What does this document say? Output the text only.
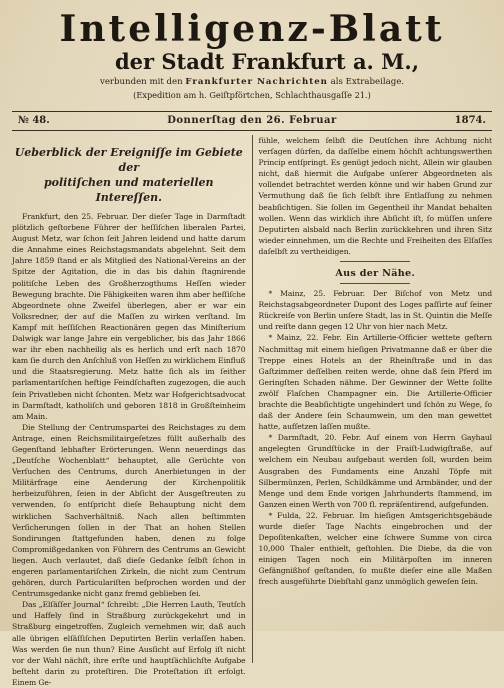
Intelligenz-Blatt
der Stadt Frankfurt a. M.,
verbunden mit den Frankfurter Nachrichten als Extrabeilage.
(Expedition am h. Geiſtpförtchen, Schlachthausgaſſe 21.)
№ 48.	Donnerſtag den 26. Februar	1874.
Ueberblick der Ereigniſſe im Gebiete der
politiſchen und materiellen Intereſſen.

Frankfurt, den 25. Februar. Der dieſer Tage in Darmſtadt plötzlich geſtorbene Führer der heſſiſchen liberalen Partei, August Metz, war ſchon ſeit Jahren leidend und hatte darum die Annahme eines Reichstagsmandats abgelehnt. Seit dem Jahre 1859 ſtand er als Mitglied des National-Vereins an der Spitze der Agitation, die in das bis dahin ſtagnirende politiſche Leben des Großherzogthums Heſſen wieder Bewegung brachte. Die Fähigkeiten waren ihm aber heſſiſche Abgeordnete ohne Zweifel überlegen, aber er war ein Volksredner, der auf die Maſſen zu wirken verſtand. Im Kampf mit heſſiſchen Reactionären gegen das Miniſterium Dalwigk war lange Jahre ein vergeblicher, bis das Jahr 1866 war ihr eben nachheilig als es herlich und erſt nach 1870 kam ſie durch den Anſchluß von Heſſen zu wirklichem Einfluß und die Staatsregierung. Metz hatte ſich als im ſeither parlamentariſchen heftige Feindſchaften zugezogen, die auch ſein Privatleben nicht ſchonten. Metz war Hofgerichtsadvocat in Darmſtadt, katholiſch und geboren 1818 in Großſteinheim am Main.

Die Stellung der Centrumspartei des Reichstages zu dem Antrage, einen Reichsmilitairgeſetzes füllt außerhalb des Gegenſtand lebhafter Erörterungen. Wenn neuerdings das „Deutſche Wochenblatt“ behauptet, alle Gerüchte von Verſuchen des Centrums, durch Anerbietungen in der Militärfrage eine Aenderung der Kirchenpolitik herbeizuführen, ſeien in der Abſicht der Ausgeſtreuten zu verwenden, ſo entſpricht dieſe Behauptung nicht dem wirklichen Sachverhältniß. Nach allen beſtimmten Verſicherungen ſollen in der That an hohen Stellen Sondirungen ſtattgefunden haben, denen zu folge Compromißgedanken von Führern des Centrums an Gewicht liegen. Auch verlautet, daß dieſe Gedanke ſelbſt ſchon in engeren parlamentariſchen Zirkeln, die nicht zum Centrum gehören, durch Particulariſten beſprochen worden und der Centrumsgedanke nicht ganz fremd geblieben ſei.

Das „Elſäſſer Journal“ ſchreibt: „Die Herren Lauth, Teutſch und Haffely ſind in Straßburg zurückgekehrt und in Straßburg eingetroffen. Zugleich vernehmen wir, daß auch alle übrigen elſäſſiſchen Deputirten Berlin verlaſſen haben. Was werden ſie nun thun? Eine Ausſicht auf Erfolg iſt nicht vor der Wahl nächſt, ihre erſte und hauptſächlichſte Aufgabe beſteht darin zu proteſtiren. Die Proteſtation iſt erfolgt. Einem Ge-

fühle, welchem ſelbſt die Deutſchen ihre Achtung nicht verſagen dürfen, da daſſelbe einem höchſt achtungswerthen Princip entſpringt. Es genügt jedoch nicht, Allein wir glauben nicht, daß hiermit die Aufgabe unſerer Abgeordneten als vollendet betrachtet werden könne und wir haben Grund zur Vermuthung daß ſie ſich ſelbſt ihre Entlaſſung zu nehmen beabſichtigen. Sie ſollen im Gegentheil ihr Mandat behalten wollen. Wenn das wirklich ihre Abſicht iſt, ſo müſſen unſere Deputirten alsbald nach Berlin zurückkehren und ihren Sitz wieder einnehmen, um die Rechte und Freiheiten des Elſaſſes daſelbſt zu vertheidigen.

Aus der Nähe.

* Mainz, 25. Februar. Der Biſchof von Metz und Reichstagsabgeordneter Dupont des Loges paſſirte auf ſeiner Rückreiſe von Berlin unſere Stadt, las in St. Quintin die Meſſe und reiſte dann gegen 12 Uhr von hier nach Metz.

* Mainz, 22. Febr. Ein Artillerie-Officier wettete geſtern Nachmittag mit einem hieſigen Privatmanne daß er über die Treppe eines Hotels an der Rheinſtraße und in das Gaſtzimmer deſſelben reiten werde, ohne daß ſein Pferd im Geringſten Schaden nähme. Der Gewinner der Wette ſollte zwölf Flaſchen Champagner ein. Die Artillerie-Officier brachte die Beabſichtigte ungehindert und ſchön zu Wege, ſo daß der Andere ſein Schaumwein, um den man gewettet hatte, aufſetzen laſſen mußte.

* Darmſtadt, 20. Febr. Auf einem von Herrn Gayhaul angelegten Grundſtücke in der Fraiſt-Ludwigſtraße, auf welchem ein Neubau aufgebaut werden ſoll, wurden beim Ausgraben des Fundaments eine Anzahl Töpfe mit Silbermünzen, Perlen, Schildkämme und Armbänder, und der Menge und dem Ende vorigen Jahrhunderts ſtammend, im Ganzen einen Werth von 700 fl. repräſentirend, aufgefunden.

* Fulda, 22. Februar. Im hieſigen Amtsgerichtsgebäude wurde dieſer Tage Nachts eingebrochen und der Depoſitenkaſten, welcher eine ſchwere Summe von circa 10,000 Thaler enthielt, geſtohlen. Die Diebe, da die von einigen Tagen noch ein Militärpoſten im inneren Gefängnißhof geſtanden, ſo mußte dieſer eine alle Maßen frech ausgeführte Diebſtahl ganz unmöglich geweſen ſein.
